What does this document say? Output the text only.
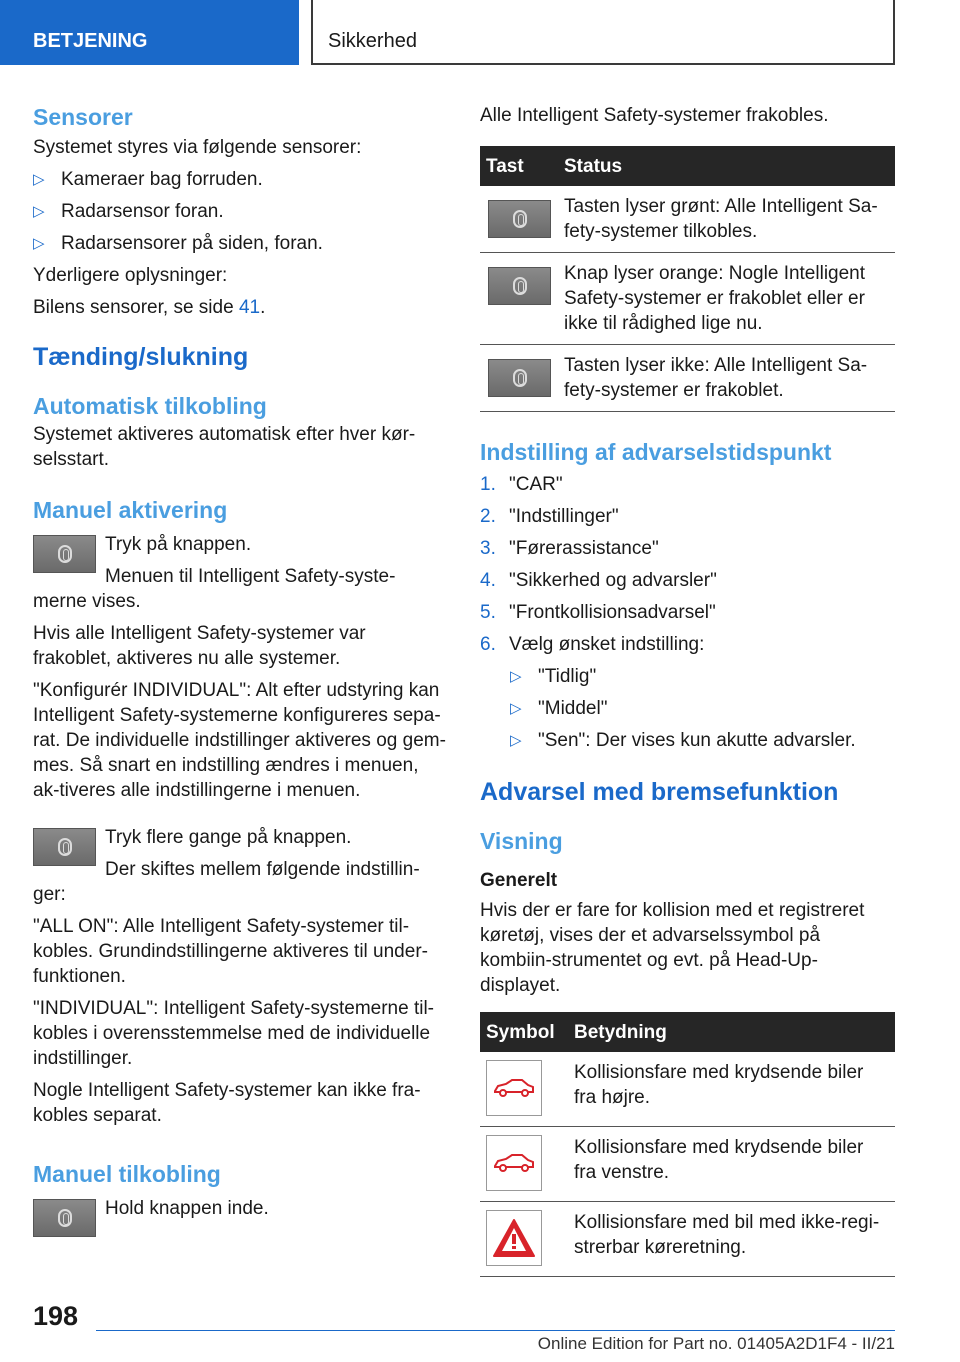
BETJENING	Sikkerhed
Sensorer

Systemet styres via følgende sensorer:

▷ Kameraer bag forruden.

▷ Radarsensor foran.

▷ Radarsensorer på siden, foran.

Yderligere oplysninger:

Bilens sensorer, se side 41.

Tænding/slukning
Automatisk tilkobling

Systemet aktiveres automatisk efter hver kør-selsstart.

Manuel aktivering

Tryk på knappen.

Menuen til Intelligent Safety-syste-

merne vises.

Hvis alle Intelligent Safety-systemer var frakoblet, aktiveres nu alle systemer.

"Konfigurér INDIVIDUAL": Alt efter udstyring kan Intelligent Safety-systemerne konfigureres sepa-rat. De individuelle indstillinger aktiveres og gem-mes. Så snart en indstilling ændres i menuen, ak-tiveres alle indstillingerne i menuen.

Tryk flere gange på knappen.

Der skiftes mellem følgende indstillin-

ger:

"ALL ON": Alle Intelligent Safety-systemer til-kobles. Grundindstillingerne aktiveres til under-funktionen.

"INDIVIDUAL": Intelligent Safety-systemerne til-kobles i overensstemmelse med de individuelle indstillinger.

Nogle Intelligent Safety-systemer kan ikke fra-kobles separat.

Manuel tilkobling

Hold knappen inde.

Alle Intelligent Safety-systemer frakobles.

Tast	Status

	Tasten lyser grønt: Alle Intelligent Sa-fety-systemer tilkobles.

	Knap lyser orange: Nogle Intelligent Safety-systemer er frakoblet eller er ikke til rådighed lige nu.

	Tasten lyser ikke: Alle Intelligent Sa-fety-systemer er frakoblet.
Indstilling af advarselstidspunkt

1. "CAR"

2. "Indstillinger"

3. "Førerassistance"

4. "Sikkerhed og advarsler"

5. "Frontkollisionsadvarsel"

6. Vælg ønsket indstilling:

▷ "Tidlig"

▷ "Middel"

▷ "Sen": Der vises kun akutte advarsler.

Advarsel med bremsefunktion
Visning
Generelt

Hvis der er fare for kollision med et registreret køretøj, vises der et advarselssymbol på kombiin-strumentet og evt. på Head-Up-displayet.

Symbol	Betydning

	Kollisionsfare med krydsende biler fra højre.

	Kollisionsfare med krydsende biler fra venstre.

	Kollisionsfare med bil med ikke-regi-strerbar køreretning.
198
Online Edition for Part no. 01405A2D1F4 - II/21
